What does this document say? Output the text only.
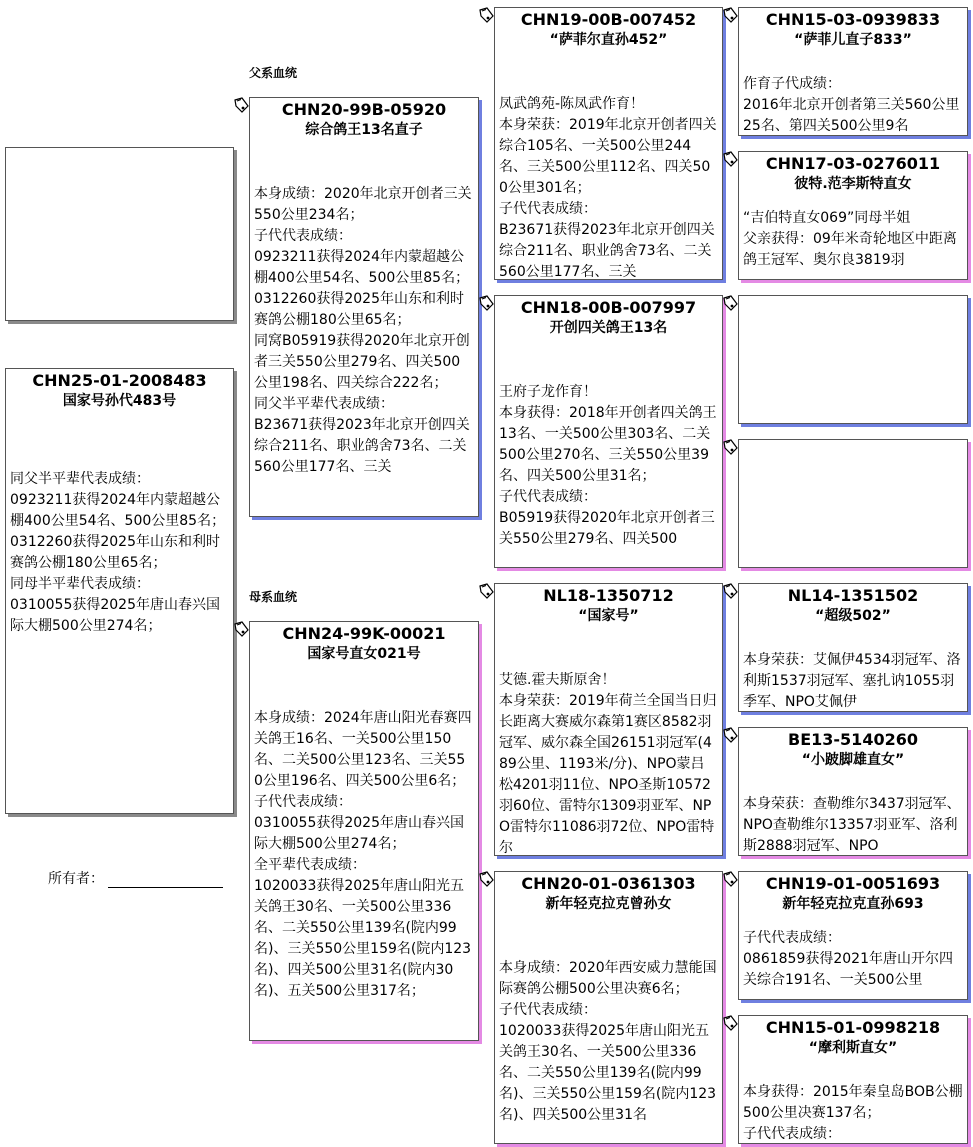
父系血统
母系血统
CHN25-01-2008483
国家号孙代483号
同父半平辈代表成绩：
0923211获得2024年内蒙超越公棚400公里54名、500公里85名；
0312260获得2025年山东和利时赛鸽公棚180公里65名；
同母半平辈代表成绩：
0310055获得2025年唐山春兴国际大棚500公里274名；
所有者：
CHN20-99B-05920
综合鸽王13名直子
本身成绩：2020年北京开创者三关550公里234名；
子代代表成绩：
0923211获得2024年内蒙超越公棚400公里54名、500公里85名；
0312260获得2025年山东和利时赛鸽公棚180公里65名；
同窝B05919获得2020年北京开创者三关550公里279名、四关500公里198名、四关综合222名；
同父半平辈代表成绩：
B23671获得2023年北京开创四关综合211名、职业鸽舍73名、二关560公里177名、三关
CHN24-99K-00021
国家号直女021号
本身成绩：2024年唐山阳光春赛四关鸽王16名、一关500公里150名、二关500公里123名、三关550公里196名、四关500公里6名；
子代代表成绩：
0310055获得2025年唐山春兴国际大棚500公里274名；
全平辈代表成绩：
1020033获得2025年唐山阳光五关鸽王30名、一关500公里336名、二关550公里139名(院内99名)、三关550公里159名(院内123名)、四关500公里31名(院内30名)、五关500公里317名；
CHN19-00B-007452
“萨菲尔直孙452”
凤武鸽苑-陈凤武作育！
本身荣获：2019年北京开创者四关综合105名、一关500公里244名、三关500公里112名、四关500公里301名；
子代代表成绩：
B23671获得2023年北京开创四关综合211名、职业鸽舍73名、二关560公里177名、三关
CHN18-00B-007997
开创四关鸽王13名
王府子龙作育！
本身获得：2018年开创者四关鸽王13名、一关500公里303名、二关500公里270名、三关550公里39名、四关500公里31名；
子代代表成绩：
B05919获得2020年北京开创者三关550公里279名、四关500
NL18-1350712
“国家号”
艾德.霍夫斯原舍！
本身荣获：2019年荷兰全国当日归长距离大赛威尔森第1赛区8582羽冠军、威尔森全国26151羽冠军(489公里、1193米/分)、NPO蒙吕松4201羽11位、NPO圣斯10572羽60位、雷特尔1309羽亚军、NPO雷特尔11086羽72位、NPO雷特尔
CHN20-01-0361303
新年轻克拉克曾孙女
本身成绩：2020年西安威力慧能国际赛鸽公棚500公里决赛6名；
子代代表成绩：
1020033获得2025年唐山阳光五关鸽王30名、一关500公里336名、二关550公里139名(院内99名)、三关550公里159名(院内123名)、四关500公里31名
CHN15-03-0939833
“萨菲儿直子833”
作育子代成绩：
2016年北京开创者第三关560公里25名、第四关500公里9名
CHN17-03-0276011
彼特.范李斯特直女
“吉伯特直女069”同母半姐
父亲获得：09年米奇轮地区中距离鸽王冠军、奥尔良3819羽
NL14-1351502
“超级502”
本身荣获：艾佩伊4534羽冠军、洛利斯1537羽冠军、塞扎讷1055羽季军、NPO艾佩伊
BE13-5140260
“小跛脚雄直女”
本身荣获：查勒维尔3437羽冠军、NPO查勒维尔13357羽亚军、洛利斯2888羽冠军、NPO
CHN19-01-0051693
新年轻克拉克直孙693
子代代表成绩：
0861859获得2021年唐山开尔四关综合191名、一关500公里
CHN15-01-0998218
“摩利斯直女”
本身获得：2015年秦皇岛BOB公棚500公里决赛137名；
子代代表成绩：
